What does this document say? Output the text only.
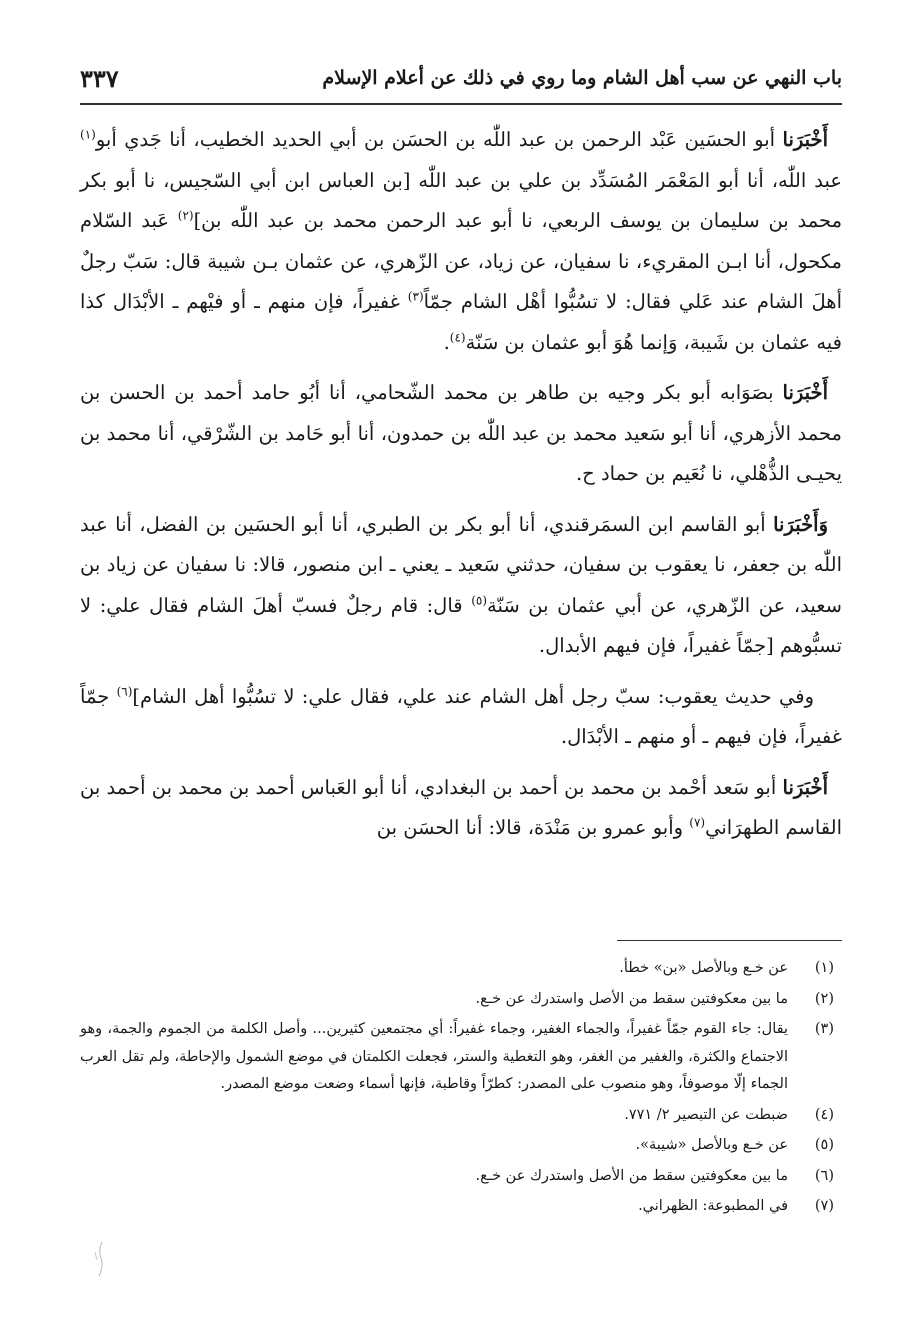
باب النهي عن سب أهل الشام وما روي في ذلك عن أعلام الإسلام
٣٣٧

أَخْبَرَنا أبو الحسَين عَبْد الرحمن بن عبد اللّٰه بن الحسَن بن أبي الحديد الخطيب، أنا جَدي أبو$^{(١)}$ عبد اللّٰه، أنا أبو المَعْمَر المُسَدِّد بن علي بن عبد اللّٰه [بن العباس ابن أبي السّجيس، نا أبو بكر محمد بن سليمان بن يوسف الربعي، نا أبو عبد الرحمن محمد بن عبد اللّٰه بن]$^{(٢)}$ عَبد السّلام مكحول، أنا ابـن المقريء، نا سفيان، عن زياد، عن الزّهري، عن عثمان بـن شيبة قال: سَبّ رجلٌ أهلَ الشام عند عَلي فقال: لا تسُبُّوا أهْل الشام جمّاً$^{(٣)}$ غفيراً، فإن منهم ـ أو فيْهم ـ الأبْدَال كذا فيه عثمان بن شَيبة، وَإنما هُوَ أبو عثمان بن سَنّة$^{(٤)}$.

أَخْبَرَنا بصَوَابه أبو بكر وجيه بن طاهر بن محمد الشّحامي، أنا أبُو حامد أحمد بن الحسن بن محمد الأزهري، أنا أبو سَعيد محمد بن عبد اللّٰه بن حمدون، أنا أبو حَامد بن الشّرْقي، أنا محمد بن يحيـى الذُّهْلي، نا نُعَيم بن حماد ح.

وَأَخْبَرَنا أبو القاسم ابن السمَرقندي، أنا أبو بكر بن الطبري، أنا أبو الحسَين بن الفضل، أنا عبد اللّٰه بن جعفر، نا يعقوب بن سفيان، حدثني سَعيد ـ يعني ـ ابن منصور، قالا: نا سفيان عن زياد بن سعيد، عن الزّهري، عن أبي عثمان بن سَنّة$^{(٥)}$ قال: قام رجلٌ فسبّ أهلَ الشام فقال علي: لا تسبُّوهم [جمّاً غفيراً، فإن فيهم الأبدال.

وفي حديث يعقوب: سبّ رجل أهل الشام عند علي، فقال علي: لا تسُبُّوا أهل الشام]$^{(٦)}$ جمّاً غفيراً، فإن فيهم ـ أو منهم ـ الأبْدَال.

أَخْبَرَنا أبو سَعد أحْمد بن محمد بن أحمد بن البغدادي، أنا أبو العَباس أحمد بن محمد بن أحمد بن القاسم الطهرَاني$^{(٧)}$ وأبو عمرو بن مَنْدَة، قالا: أنا الحسَن بن

(١)
عن خـع وبالأصل «بن» خطأ.
(٢)
ما بين معكوفتين سقط من الأصل واستدرك عن خـع.
(٣)
يقال: جاء القوم جمّاً غفيراً، والجماء الغفير، وجماء غفيراً: أي مجتمعين كثيرين... وأصل الكلمة من الجموم والجمة، وهو الاجتماع والكثرة، والغفير من الغفر، وهو التغطية والستر، فجعلت الكلمتان في موضع الشمول والإحاطة، ولم تقل العرب الجماء إلّا موصوفاً، وهو منصوب على المصدر: كطرّاً وقاطبة، فإنها أسماء وضعت موضع المصدر.
(٤)
ضبطت عن التبصير ٢/ ٧٧١.
(٥)
عن خـع وبالأصل «شيبة».
(٦)
ما بين معكوفتين سقط من الأصل واستدرك عن خـع.
(٧)
في المطبوعة: الظهراني.
